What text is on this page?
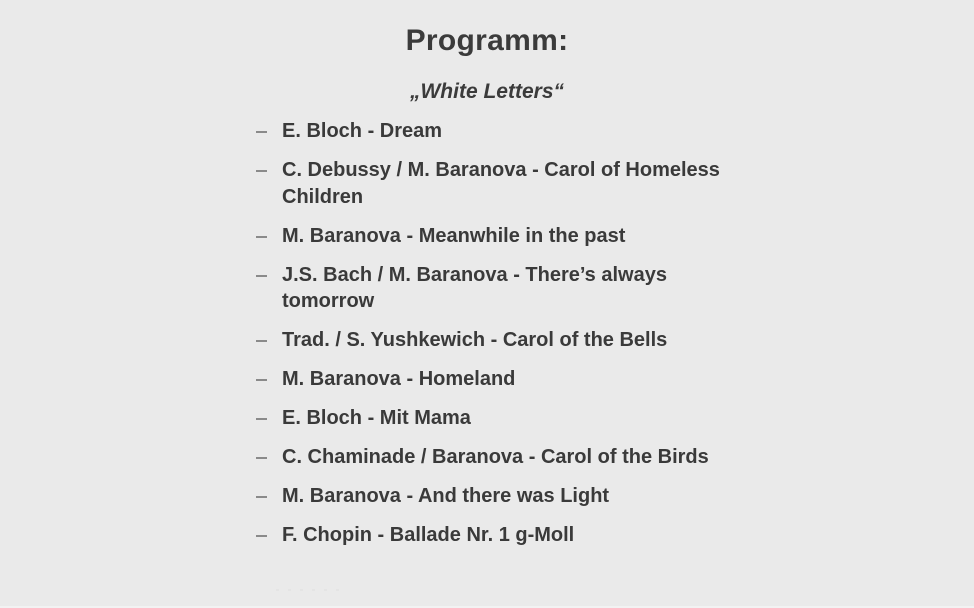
Programm:
„White Letters“
E. Bloch - Dream
C. Debussy / M. Baranova - Carol of Homeless Children
M. Baranova - Meanwhile in the past
J.S. Bach / M. Baranova - There’s always tomorrow
Trad. / S. Yushkewich - Carol of the Bells
M. Baranova - Homeland
E. Bloch - Mit Mama
C. Chaminade / Baranova - Carol of the Birds
M. Baranova - And there was Light
F. Chopin - Ballade Nr. 1 g-Moll
